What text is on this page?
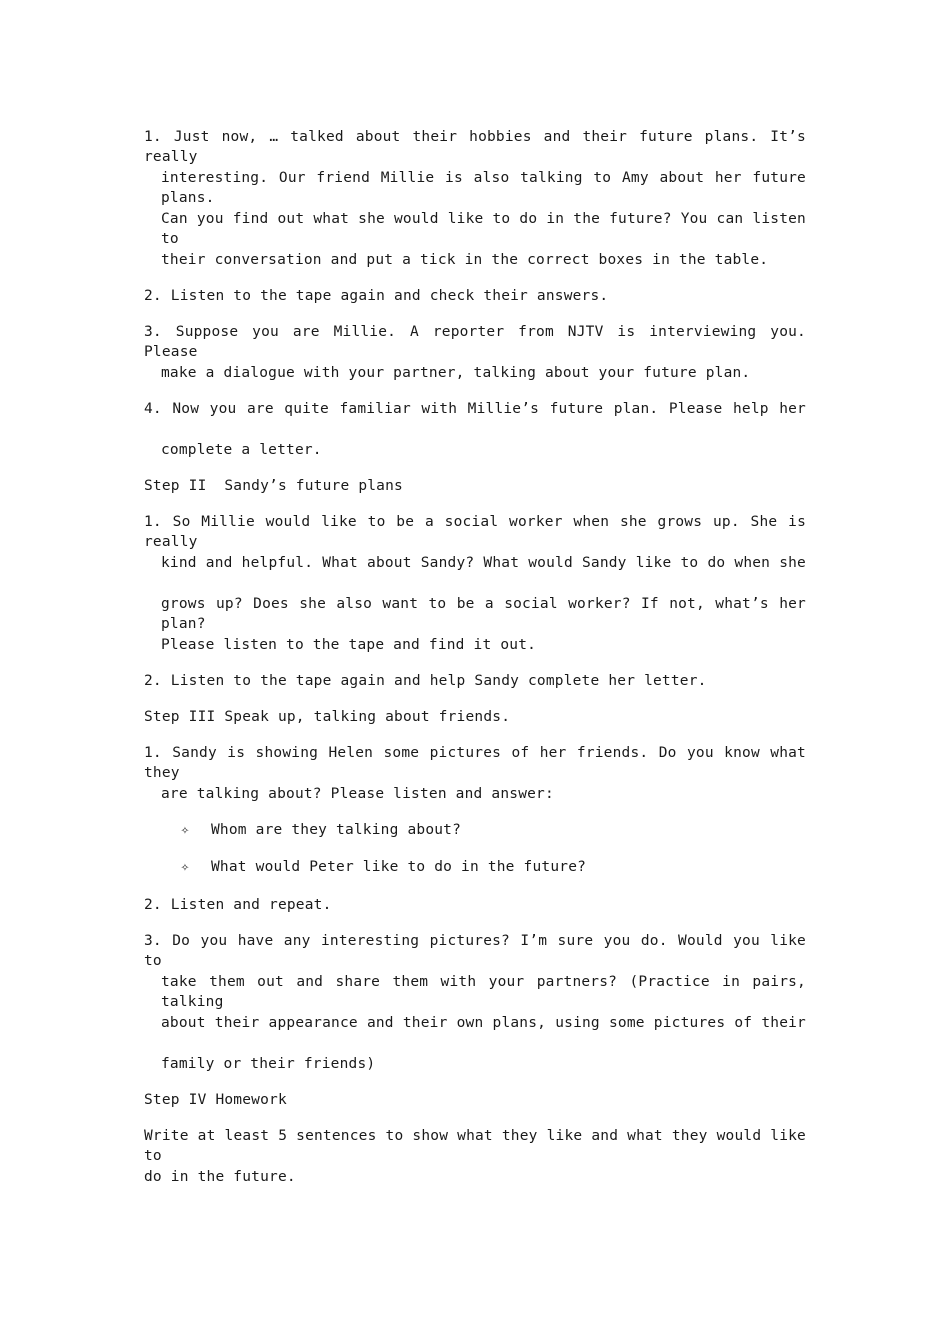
1. Just now, … talked about their hobbies and their future plans. It’s really
interesting. Our friend Millie is also talking to Amy about her future plans.
Can you find out what she would like to do in the future? You can listen to
their conversation and put a tick in the correct boxes in the table.
2. Listen to the tape again and check their answers.
3. Suppose you are Millie. A reporter from NJTV is interviewing you. Please
make a dialogue with your partner, talking about your future plan.
4. Now you are quite familiar with Millie’s future plan. Please help her
complete a letter.
Step II  Sandy’s future plans
1. So Millie would like to be a social worker when she grows up. She is really
kind and helpful. What about Sandy? What would Sandy like to do when she
grows up? Does she also want to be a social worker? If not, what’s her plan?
Please listen to the tape and find it out.
2. Listen to the tape again and help Sandy complete her letter.
Step III Speak up, talking about friends.
1. Sandy is showing Helen some pictures of her friends. Do you know what they
are talking about? Please listen and answer:
✧ Whom are they talking about?
✧ What would Peter like to do in the future?
2. Listen and repeat.
3. Do you have any interesting pictures? I’m sure you do. Would you like to
take them out and share them with your partners? (Practice in pairs, talking
about their appearance and their own plans, using some pictures of their
family or their friends)
Step IV Homework
Write at least 5 sentences to show what they like and what they would like to
do in the future.
